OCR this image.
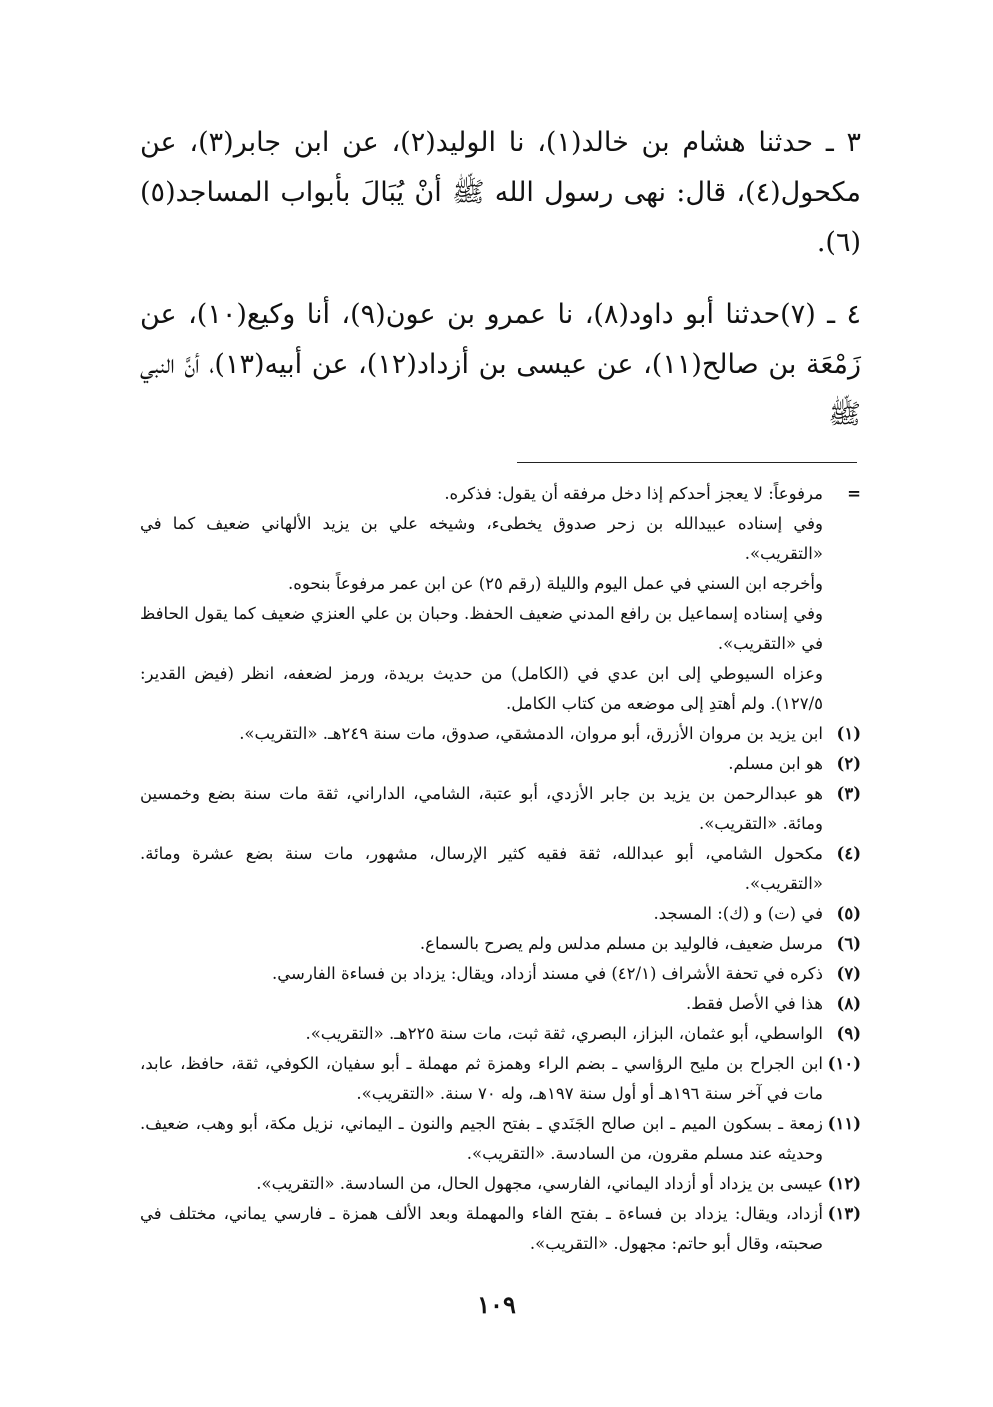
٣ ـ حدثنا هشام بن خالد(١)، نا الوليد(٢)، عن ابن جابر(٣)، عن مكحول(٤)، قال: نهى رسول الله ﷺ أنْ يُبَالَ بأبواب المساجد(٥)(٦).

٤ ـ (٧)حدثنا أبو داود(٨)، نا عمرو بن عون(٩)، أنا وكيع(١٠)، عن زَمْعَة بن صالح(١١)، عن عيسى بن أزداد(١٢)، عن أبيه(١٣)، أنَّ النبي ﷺ

=
مرفوعاً: لا يعجز أحدكم إذا دخل مرفقه أن يقول: فذكره.
وفي إسناده عبيدالله بن زحر صدوق يخطىء، وشيخه علي بن يزيد الألهاني ضعيف كما في «التقريب».
وأخرجه ابن السني في عمل اليوم والليلة (رقم ٢٥) عن ابن عمر مرفوعاً بنحوه.
وفي إسناده إسماعيل بن رافع المدني ضعيف الحفظ. وحبان بن علي العنزي ضعيف كما يقول الحافظ في «التقريب».
وعزاه السيوطي إلى ابن عدي في (الكامل) من حديث بريدة، ورمز لضعفه، انظر (فيض القدير: ١٢٧/٥). ولم أهتدِ إلى موضعه من كتاب الكامل.
(١)
ابن يزيد بن مروان الأزرق، أبو مروان، الدمشقي، صدوق، مات سنة ٢٤٩هـ. «التقريب».
(٢)
هو ابن مسلم.
(٣)
هو عبدالرحمن بن يزيد بن جابر الأزدي، أبو عتبة، الشامي، الداراني، ثقة مات سنة بضع وخمسين ومائة. «التقريب».
(٤)
مكحول الشامي، أبو عبدالله، ثقة فقيه كثير الإرسال، مشهور، مات سنة بضع عشرة ومائة. «التقريب».
(٥)
في (ت) و (ك): المسجد.
(٦)
مرسل ضعيف، فالوليد بن مسلم مدلس ولم يصرح بالسماع.
(٧)
ذكره في تحفة الأشراف (٤٢/١) في مسند أزداد، ويقال: يزداد بن فساءة الفارسي.
(٨)
هذا في الأصل فقط.
(٩)
الواسطي، أبو عثمان، البزاز، البصري، ثقة ثبت، مات سنة ٢٢٥هـ. «التقريب».
(١٠)
ابن الجراح بن مليح الرؤاسي ـ بضم الراء وهمزة ثم مهملة ـ أبو سفيان، الكوفي، ثقة، حافظ، عابد، مات في آخر سنة ١٩٦هـ أو أول سنة ١٩٧هـ، وله ٧٠ سنة. «التقريب».
(١١)
زمعة ـ بسكون الميم ـ ابن صالح الجَنَدي ـ بفتح الجيم والنون ـ اليماني، نزيل مكة، أبو وهب، ضعيف. وحديثه عند مسلم مقرون، من السادسة. «التقريب».
(١٢)
عيسى بن يزداد أو أزداد اليماني، الفارسي، مجهول الحال، من السادسة. «التقريب».
(١٣)
أزداد، ويقال: يزداد بن فساءة ـ بفتح الفاء والمهملة وبعد الألف همزة ـ فارسي يماني، مختلف في صحبته، وقال أبو حاتم: مجهول. «التقريب».
١٠٩
